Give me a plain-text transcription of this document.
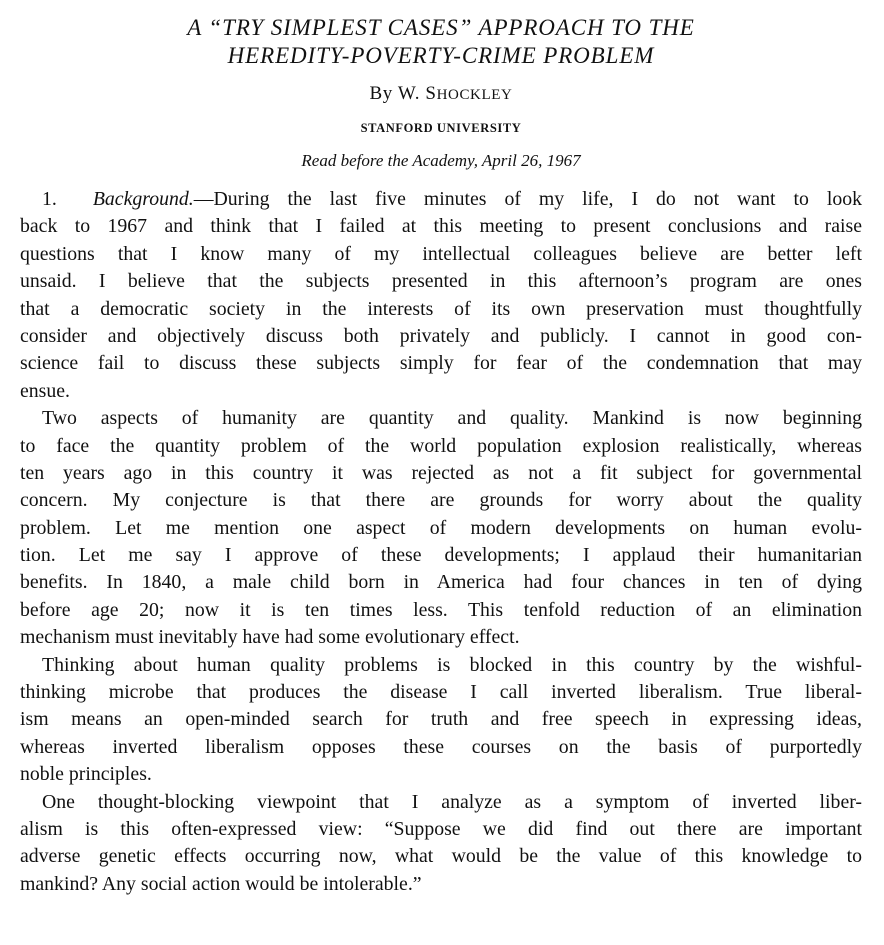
A “TRY SIMPLEST CASES” APPROACH TO THE
HEREDITY-POVERTY-CRIME PROBLEM
By W. SHOCKLEY
STANFORD UNIVERSITY
Read before the Academy, April 26, 1967
1. Background.—During the last five minutes of my life, I do not want to look
back to 1967 and think that I failed at this meeting to present conclusions and raise
questions that I know many of my intellectual colleagues believe are better left
unsaid. I believe that the subjects presented in this afternoon’s program are ones
that a democratic society in the interests of its own preservation must thoughtfully
consider and objectively discuss both privately and publicly. I cannot in good con-
science fail to discuss these subjects simply for fear of the condemnation that may
ensue.
Two aspects of humanity are quantity and quality. Mankind is now beginning
to face the quantity problem of the world population explosion realistically, whereas
ten years ago in this country it was rejected as not a fit subject for governmental
concern. My conjecture is that there are grounds for worry about the quality
problem. Let me mention one aspect of modern developments on human evolu-
tion. Let me say I approve of these developments; I applaud their humanitarian
benefits. In 1840, a male child born in America had four chances in ten of dying
before age 20; now it is ten times less. This tenfold reduction of an elimination
mechanism must inevitably have had some evolutionary effect.
Thinking about human quality problems is blocked in this country by the wishful-
thinking microbe that produces the disease I call inverted liberalism. True liberal-
ism means an open-minded search for truth and free speech in expressing ideas,
whereas inverted liberalism opposes these courses on the basis of purportedly
noble principles.
One thought-blocking viewpoint that I analyze as a symptom of inverted liber-
alism is this often-expressed view: “Suppose we did find out there are important
adverse genetic effects occurring now, what would be the value of this knowledge to
mankind? Any social action would be intolerable.”
